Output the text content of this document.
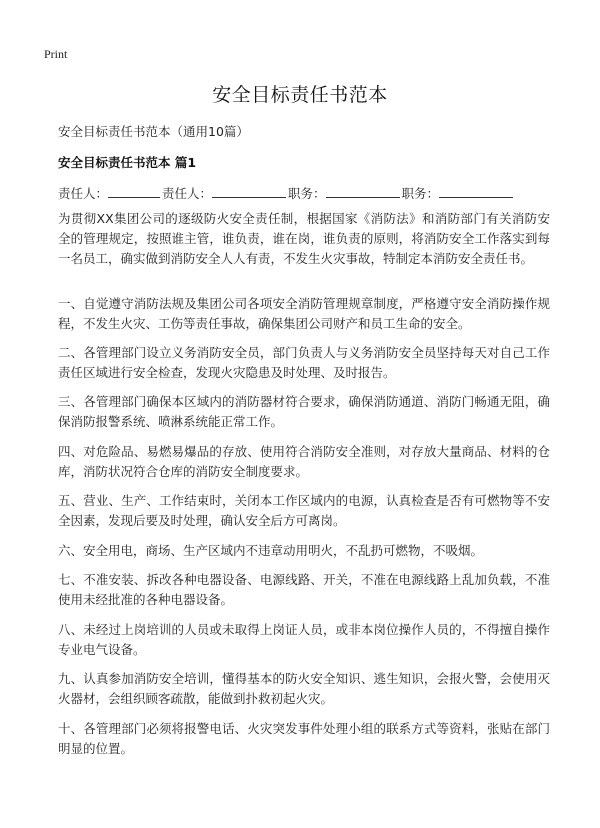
Print
安全目标责任书范本
安全目标责任书范本（通用10篇）
安全目标责任书范本 篇1
责任人：	责任人：	职务：	职务：
为贯彻XX集团公司的逐级防火安全责任制，根据国家《消防法》和消防部门有关消防安全的管理规定，按照谁主管，谁负责，谁在岗，谁负责的原则，将消防安全工作落实到每一名员工，确实做到消防安全人人有责，不发生火灾事故，特制定本消防安全责任书。
一、自觉遵守消防法规及集团公司各项安全消防管理规章制度，严格遵守安全消防操作规程，不发生火灾、工伤等责任事故，确保集团公司财产和员工生命的安全。
二、各管理部门设立义务消防安全员，部门负责人与义务消防安全员坚持每天对自己工作责任区域进行安全检查，发现火灾隐患及时处理、及时报告。
三、各管理部门确保本区域内的消防器材符合要求，确保消防通道、消防门畅通无阻，确保消防报警系统、喷淋系统能正常工作。
四、对危险品、易燃易爆品的存放、使用符合消防安全准则，对存放大量商品、材料的仓库，消防状况符合仓库的消防安全制度要求。
五、营业、生产、工作结束时，关闭本工作区域内的电源，认真检查是否有可燃物等不安全因素，发现后要及时处理，确认安全后方可离岗。
六、安全用电，商场、生产区域内不违章动用明火，不乱扔可燃物，不吸烟。
七、不准安装、拆改各种电器设备、电源线路、开关，不准在电源线路上乱加负载，不准使用未经批准的各种电器设备。
八、未经过上岗培训的人员或未取得上岗证人员，或非本岗位操作人员的，不得擅自操作专业电气设备。
九、认真参加消防安全培训，懂得基本的防火安全知识、逃生知识，会报火警，会使用灭火器材，会组织顾客疏散，能做到扑救初起火灾。
十、各管理部门必须将报警电话、火灾突发事件处理小组的联系方式等资料，张贴在部门明显的位置。
